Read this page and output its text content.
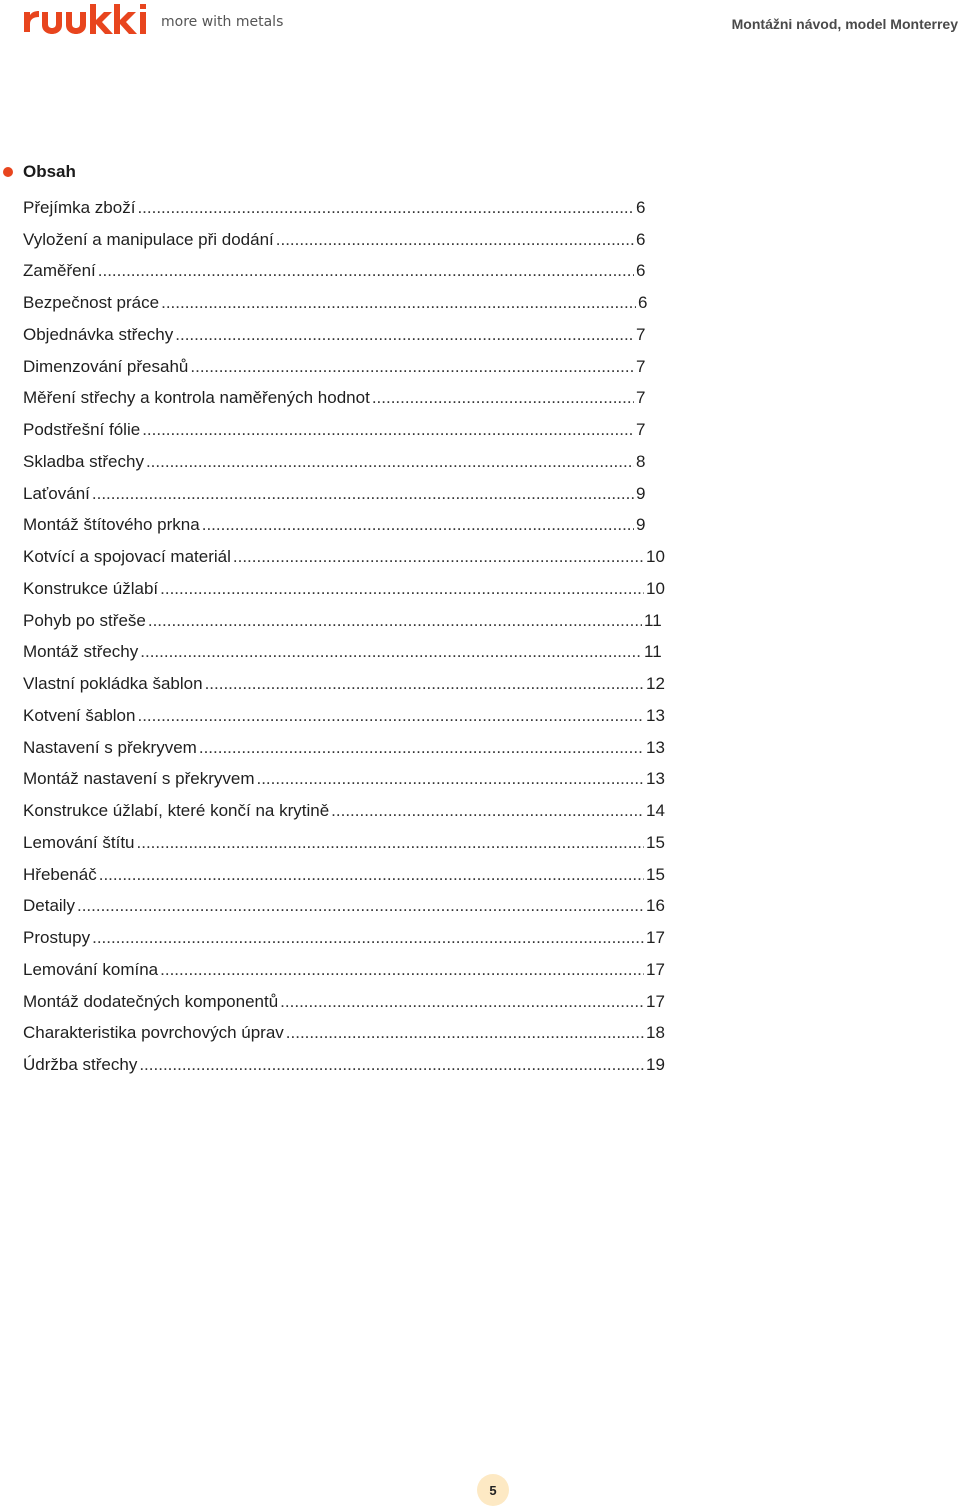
more with metals	Montážni návod, model Monterrey
Obsah
Přejímka zboží .....	6
Vyložení a manipulace při dodání .....	6
Zaměření .....	6
Bezpečnost práce .....	6
Objednávka střechy .....	7
Dimenzování přesahů .....	7
Měření střechy a kontrola naměřených hodnot .....	7
Podstřešní fólie .....	7
Skladba střechy .....	8
Laťování .....	9
Montáž štítového prkna .....	9
Kotvící a spojovací materiál .....	10
Konstrukce úžlabí .....	10
Pohyb po střeše .....	11
Montáž střechy .....	11
Vlastní pokládka šablon .....	12
Kotvení šablon .....	13
Nastavení s překryvem .....	13
Montáž nastavení s překryvem .....	13
Konstrukce úžlabí, které končí na krytině .....	14
Lemování štítu .....	15
Hřebenáč .....	15
Detaily .....	16
Prostupy .....	17
Lemování komína .....	17
Montáž dodatečných komponentů .....	17
Charakteristika povrchových úprav .....	18
Údržba střechy .....	19
5
